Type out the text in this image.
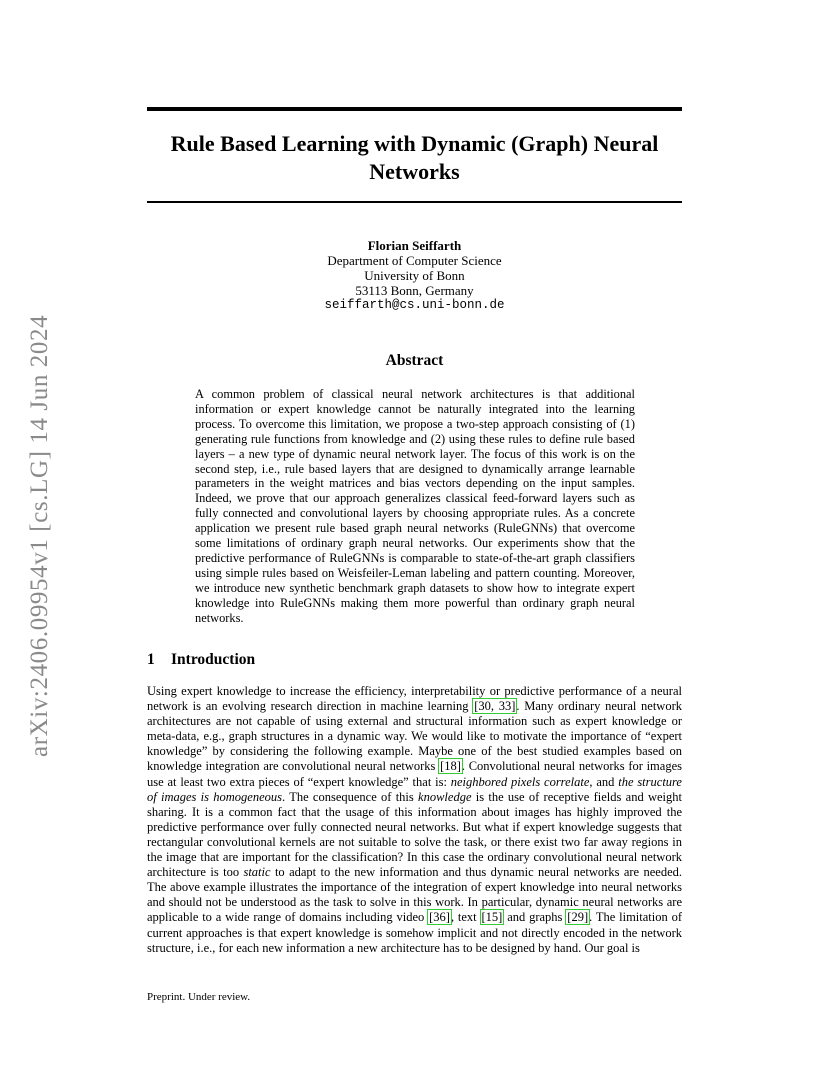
Rule Based Learning with Dynamic (Graph) Neural
Networks
arXiv:2406.09954v1 [cs.LG] 14 Jun 2024
Florian Seiffarth
Department of Computer Science
University of Bonn
53113 Bonn, Germany
seiffarth@cs.uni-bonn.de
Abstract

A common problem of classical neural network architectures is that additional information or expert knowledge cannot be naturally integrated into the learning process. To overcome this limitation, we propose a two-step approach consisting of (1) generating rule functions from knowledge and (2) using these rules to define rule based layers – a new type of dynamic neural network layer. The focus of this work is on the second step, i.e., rule based layers that are designed to dynamically arrange learnable parameters in the weight matrices and bias vectors depending on the input samples. Indeed, we prove that our approach generalizes classical feed-forward layers such as fully connected and convolutional layers by choosing appropriate rules. As a concrete application we present rule based graph neural networks (RuleGNNs) that overcome some limitations of ordinary graph neural networks. Our experiments show that the predictive performance of RuleGNNs is comparable to state-of-the-art graph classifiers using simple rules based on Weisfeiler-Leman labeling and pattern counting. Moreover, we introduce new synthetic benchmark graph datasets to show how to integrate expert knowledge into RuleGNNs making them more powerful than ordinary graph neural networks.

1 Introduction

Using expert knowledge to increase the efficiency, interpretability or predictive performance of a neural network is an evolving research direction in machine learning [30, 33]. Many ordinary neural network architectures are not capable of using external and structural information such as expert knowledge or meta-data, e.g., graph structures in a dynamic way. We would like to motivate the importance of “expert knowledge” by considering the following example. Maybe one of the best studied examples based on knowledge integration are convolutional neural networks [18]. Convolutional neural networks for images use at least two extra pieces of “expert knowledge” that is: neighbored pixels correlate, and the structure of images is homogeneous. The consequence of this knowledge is the use of receptive fields and weight sharing. It is a common fact that the usage of this information about images has highly improved the predictive performance over fully connected neural networks. But what if expert knowledge suggests that rectangular convolutional kernels are not suitable to solve the task, or there exist two far away regions in the image that are important for the classification? In this case the ordinary convolutional neural network architecture is too static to adapt to the new information and thus dynamic neural networks are needed. The above example illustrates the importance of the integration of expert knowledge into neural networks and should not be understood as the task to solve in this work. In particular, dynamic neural networks are applicable to a wide range of domains including video [36], text [15] and graphs [29]. The limitation of current approaches is that expert knowledge is somehow implicit and not directly encoded in the network structure, i.e., for each new information a new architecture has to be designed by hand. Our goal is

Preprint. Under review.
